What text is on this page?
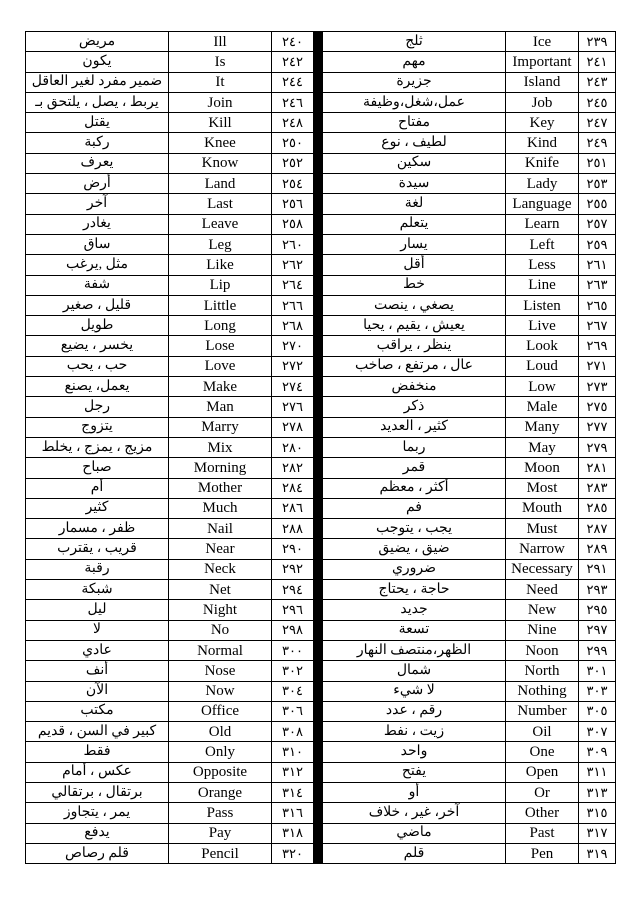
مريض	Ill	٢٤٠		ثلج	Ice	٢٣٩
يكون	Is	٢٤٢		مهم	Important	٢٤١
ضمير مفرد لغير العاقل	It	٢٤٤		جزيرة	Island	٢٤٣
يربط ، يصل ، يلتحق بـ	Join	٢٤٦		عمل،شغل،وظيفة	Job	٢٤٥
يقتل	Kill	٢٤٨		مفتاح	Key	٢٤٧
ركبة	Knee	٢٥٠		لطيف ، نوع	Kind	٢٤٩
يعرف	Know	٢٥٢		سكين	Knife	٢٥١
أرض	Land	٢٥٤		سيدة	Lady	٢٥٣
آخر	Last	٢٥٦		لغة	Language	٢٥٥
يغادر	Leave	٢٥٨		يتعلم	Learn	٢٥٧
ساق	Leg	٢٦٠		يسار	Left	٢٥٩
مثل ,يرغب	Like	٢٦٢		أقل	Less	٢٦١
شفة	Lip	٢٦٤		خط	Line	٢٦٣
قليل ، صغير	Little	٢٦٦		يصغي ، ينصت	Listen	٢٦٥
طويل	Long	٢٦٨		يعيش ، يقيم ، يحيا	Live	٢٦٧
يخسر ، يضيع	Lose	٢٧٠		ينظر ، يراقب	Look	٢٦٩
حب ، يحب	Love	٢٧٢		عال ، مرتفع ، صاخب	Loud	٢٧١
يعمل، يصنع	Make	٢٧٤		منخفض	Low	٢٧٣
رجل	Man	٢٧٦		ذكر	Male	٢٧٥
يتزوج	Marry	٢٧٨		كثير ، العديد	Many	٢٧٧
مزيج ، يمزج ، يخلط	Mix	٢٨٠		ربما	May	٢٧٩
صباح	Morning	٢٨٢		قمر	Moon	٢٨١
أم	Mother	٢٨٤		أكثر ، معظم	Most	٢٨٣
كثير	Much	٢٨٦		فم	Mouth	٢٨٥
ظفر ، مسمار	Nail	٢٨٨		يجب ، يتوجب	Must	٢٨٧
قريب ، يقترب	Near	٢٩٠		ضيق ، يضيق	Narrow	٢٨٩
رقبة	Neck	٢٩٢		ضروري	Necessary	٢٩١
شبكة	Net	٢٩٤		حاجة ، يحتاج	Need	٢٩٣
ليل	Night	٢٩٦		جديد	New	٢٩٥
لا	No	٢٩٨		تسعة	Nine	٢٩٧
عادي	Normal	٣٠٠		الظهر،منتصف النهار	Noon	٢٩٩
أنف	Nose	٣٠٢		شمال	North	٣٠١
الآن	Now	٣٠٤		لا شيء	Nothing	٣٠٣
مكتب	Office	٣٠٦		رقم ، عدد	Number	٣٠٥
كبير في السن ، قديم	Old	٣٠٨		زيت ، نفط	Oil	٣٠٧
فقط	Only	٣١٠		واحد	One	٣٠٩
عكس ، أمام	Opposite	٣١٢		يفتح	Open	٣١١
برتقال ، برتقالي	Orange	٣١٤		أو	Or	٣١٣
يمر ، يتجاوز	Pass	٣١٦		آخر، غير ، خلاف	Other	٣١٥
يدفع	Pay	٣١٨		ماضي	Past	٣١٧
قلم رصاص	Pencil	٣٢٠		قلم	Pen	٣١٩
